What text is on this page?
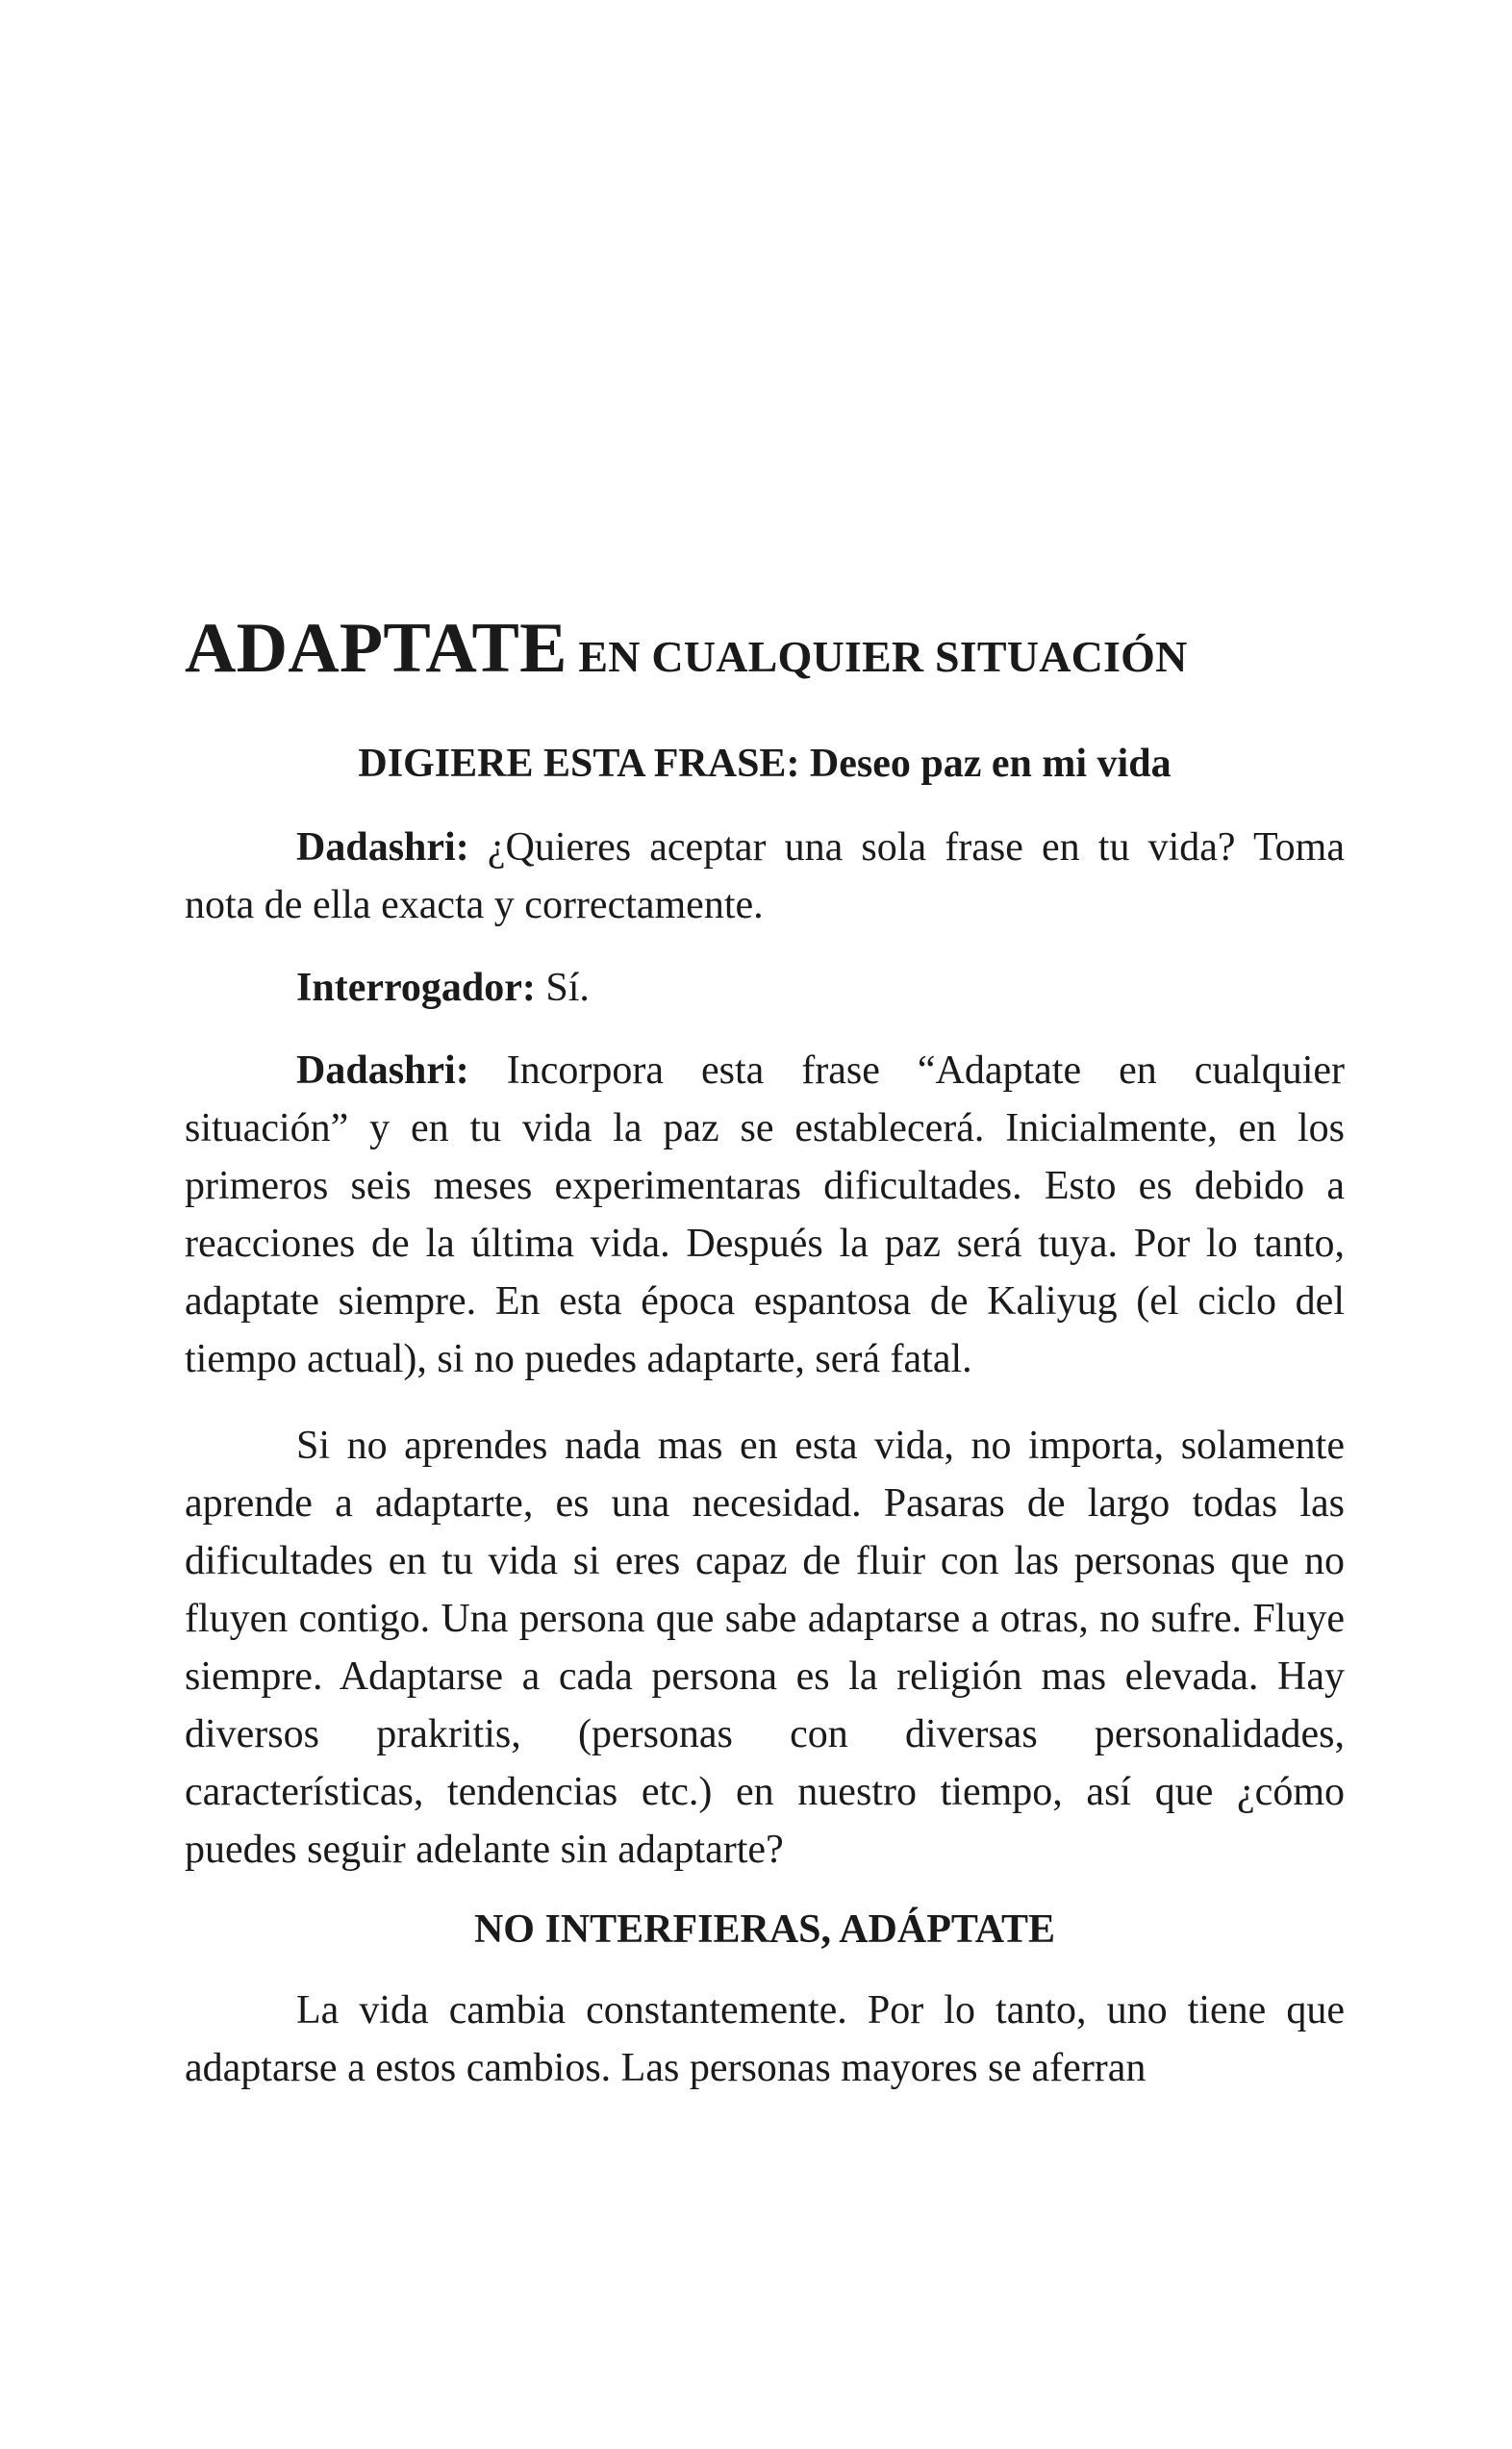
ADAPTATE EN CUALQUIER SITUACIÓN
DIGIERE ESTA FRASE: Deseo paz en mi vida

Dadashri: ¿Quieres aceptar una sola frase en tu vida? Toma nota de ella exacta y correctamente.

Interrogador: Sí.

Dadashri: Incorpora esta frase “Adaptate en cualquier situación” y en tu vida la paz se establecerá. Inicialmente, en los primeros seis meses experimentaras dificultades. Esto es debido a reacciones de la última vida. Después la paz será tuya. Por lo tanto, adaptate siempre. En esta época espantosa de Kaliyug (el ciclo del tiempo actual), si no puedes adaptarte, será fatal.

Si no aprendes nada mas en esta vida, no importa, solamente aprende a adaptarte, es una necesidad. Pasaras de largo todas las dificultades en tu vida si eres capaz de fluir con las personas que no fluyen contigo. Una persona que sabe adaptarse a otras, no sufre. Fluye siempre. Adaptarse a cada persona es la religión mas elevada. Hay diversos prakritis, (personas con diversas personalidades, características, tendencias etc.) en nuestro tiempo, así que ¿cómo puedes seguir adelante sin adaptarte?

NO INTERFIERAS, ADÁPTATE

La vida cambia constantemente. Por lo tanto, uno tiene que adaptarse a estos cambios. Las personas mayores se aferran
